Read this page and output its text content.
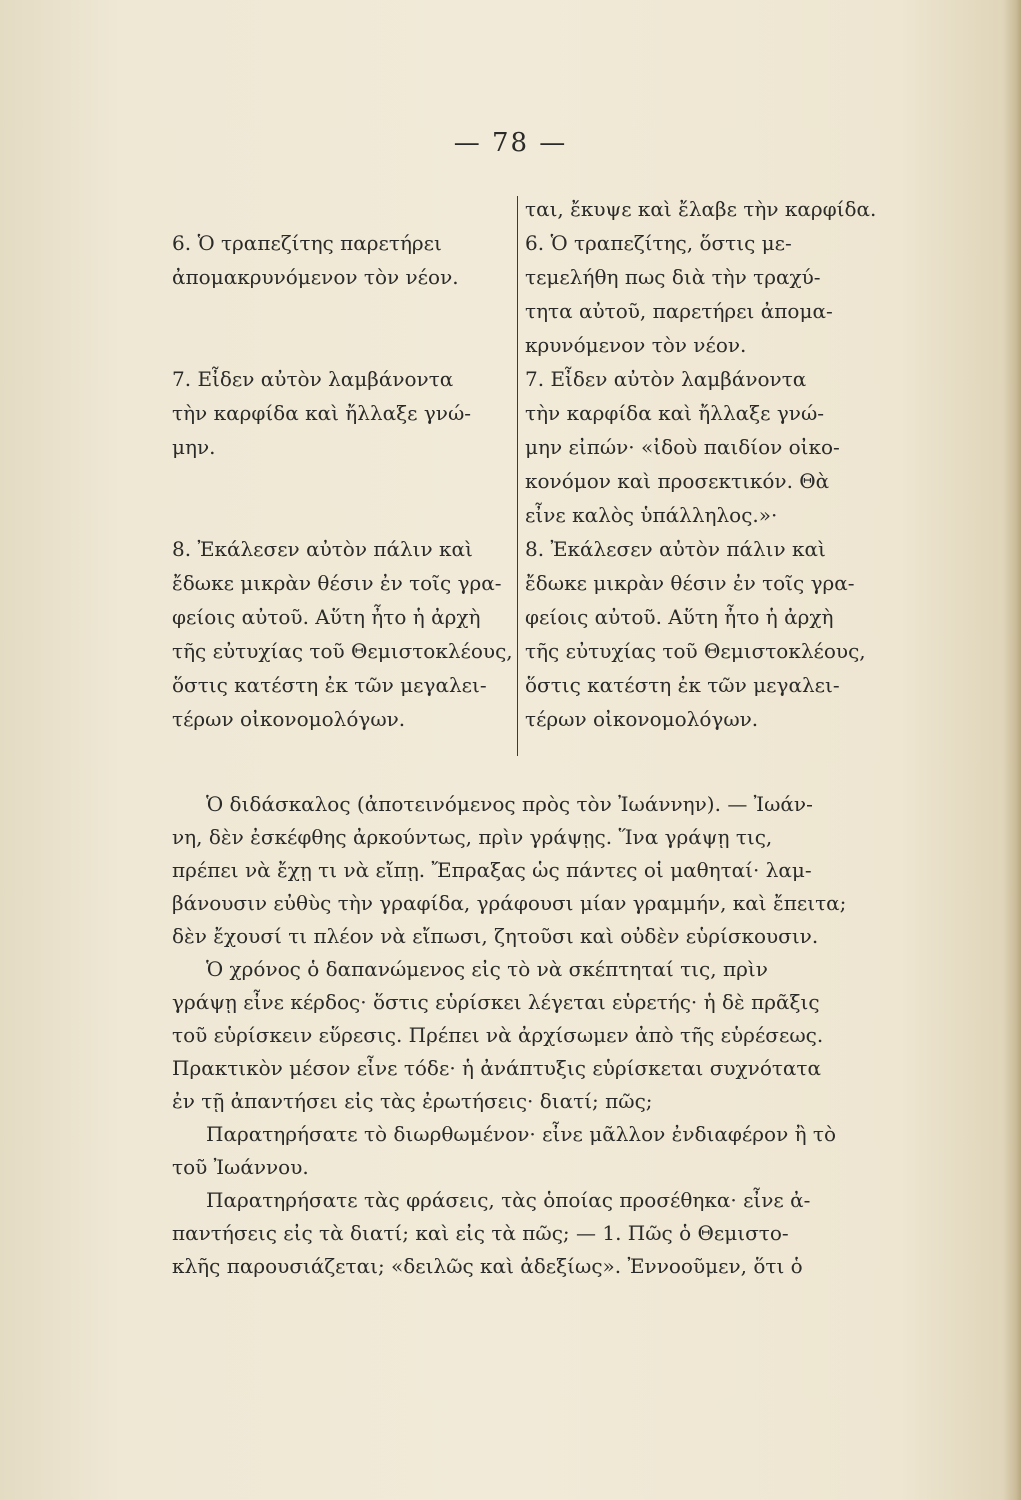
— 78 —
6. Ὁ τραπεζίτης παρετήρει
ἀπομακρυνόμενον τὸν νέον.
7. Εἶδεν αὐτὸν λαμβάνοντα
τὴν καρφίδα καὶ ἤλλαξε γνώ-
μην.
8. Ἐκάλεσεν αὐτὸν πάλιν καὶ
ἔδωκε μικρὰν θέσιν ἐν τοῖς γρα-
φείοις αὐτοῦ. Αὕτη ἦτο ἡ ἀρχὴ
τῆς εὐτυχίας τοῦ Θεμιστοκλέους,
ὅστις κατέστη ἐκ τῶν μεγαλει-
τέρων οἰκονομολόγων.
ται, ἔκυψε καὶ ἔλαβε τὴν καρφίδα.
6. Ὁ τραπεζίτης, ὅστις με-
τεμελήθη πως διὰ τὴν τραχύ-
τητα αὐτοῦ, παρετήρει ἀπομα-
κρυνόμενον τὸν νέον.
7. Εἶδεν αὐτὸν λαμβάνοντα
τὴν καρφίδα καὶ ἤλλαξε γνώ-
μην εἰπών· «ἰδοὺ παιδίον οἰκο-
κονόμον καὶ προσεκτικόν. Θὰ
εἶνε καλὸς ὑπάλληλος.»·
8. Ἐκάλεσεν αὐτὸν πάλιν καὶ
ἔδωκε μικρὰν θέσιν ἐν τοῖς γρα-
φείοις αὐτοῦ. Αὕτη ἦτο ἡ ἀρχὴ
τῆς εὐτυχίας τοῦ Θεμιστοκλέους,
ὅστις κατέστη ἐκ τῶν μεγαλει-
τέρων οἰκονομολόγων.
Ὁ διδάσκαλος (ἀποτεινόμενος πρὸς τὸν Ἰωάννην). — Ἰωάν-
νη, δὲν ἐσκέφθης ἀρκούντως, πρὶν γράψῃς. Ἵνα γράψῃ τις,
πρέπει νὰ ἔχῃ τι νὰ εἴπῃ. Ἔπραξας ὡς πάντες οἱ μαθηταί· λαμ-
βάνουσιν εὐθὺς τὴν γραφίδα, γράφουσι μίαν γραμμήν, καὶ ἔπειτα;
δὲν ἔχουσί τι πλέον νὰ εἴπωσι, ζητοῦσι καὶ οὐδὲν εὑρίσκουσιν.
Ὁ χρόνος ὁ δαπανώμενος εἰς τὸ νὰ σκέπτηταί τις, πρὶν
γράψῃ εἶνε κέρδος· ὅστις εὑρίσκει λέγεται εὑρετής· ἡ δὲ πρᾶξις
τοῦ εὑρίσκειν εὕρεσις. Πρέπει νὰ ἀρχίσωμεν ἀπὸ τῆς εὑρέσεως.
Πρακτικὸν μέσον εἶνε τόδε· ἡ ἀνάπτυξις εὑρίσκεται συχνότατα
ἐν τῇ ἀπαντήσει εἰς τὰς ἐρωτήσεις· διατί; πῶς;
Παρατηρήσατε τὸ διωρθωμένον· εἶνε μᾶλλον ἐνδιαφέρον ἢ τὸ
τοῦ Ἰωάννου.
Παρατηρήσατε τὰς φράσεις, τὰς ὁποίας προσέθηκα· εἶνε ἀ-
παντήσεις εἰς τὰ διατί; καὶ εἰς τὰ πῶς; — 1. Πῶς ὁ Θεμιστο-
κλῆς παρουσιάζεται; «δειλῶς καὶ ἀδεξίως». Ἐννοοῦμεν, ὅτι ὁ
